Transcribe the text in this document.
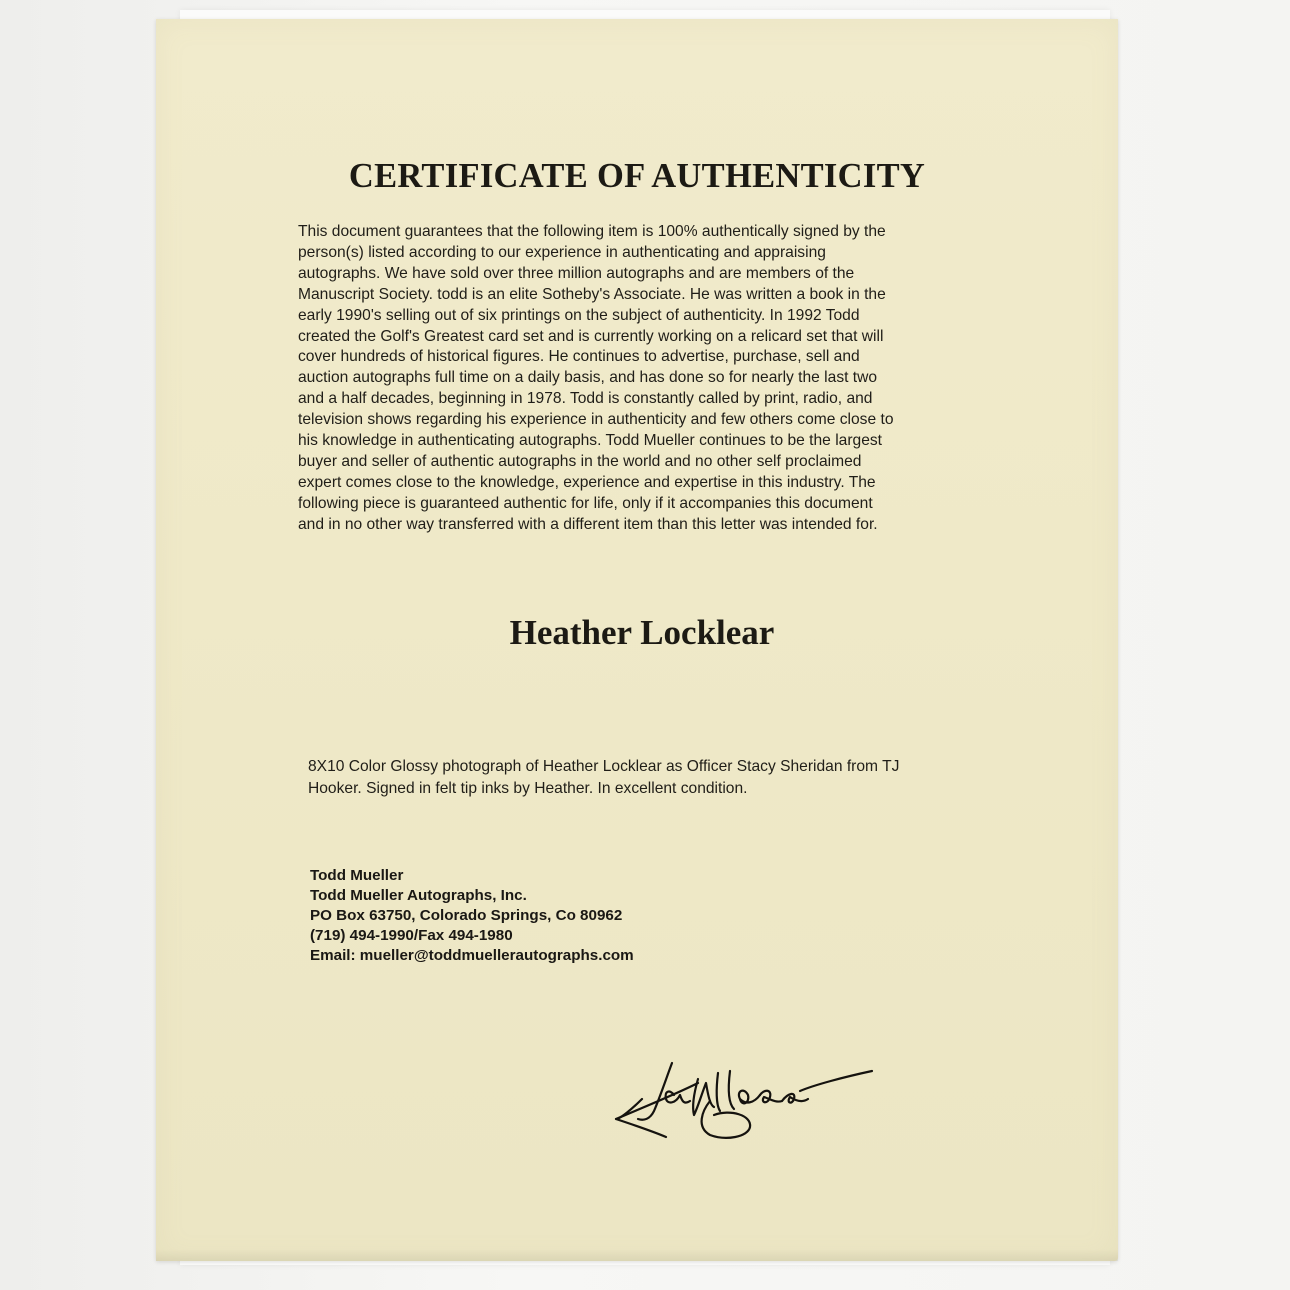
CERTIFICATE OF AUTHENTICITY

This document guarantees that the following item is 100% authentically signed by the
person(s) listed according to our experience in authenticating and appraising
autographs. We have sold over three million autographs and are members of the
Manuscript Society. todd is an elite Sotheby's Associate. He was written a book in the
early 1990's selling out of six printings on the subject of authenticity. In 1992 Todd
created the Golf's Greatest card set and is currently working on a relicard set that will
cover hundreds of historical figures. He continues to advertise, purchase, sell and
auction autographs full time on a daily basis, and has done so for nearly the last two
and a half decades, beginning in 1978. Todd is constantly called by print, radio, and
television shows regarding his experience in authenticity and few others come close to
his knowledge in authenticating autographs. Todd Mueller continues to be the largest
buyer and seller of authentic autographs in the world and no other self proclaimed
expert comes close to the knowledge, experience and expertise in this industry. The
following piece is guaranteed authentic for life, only if it accompanies this document
and in no other way transferred with a different item than this letter was intended for.

Heather Locklear

8X10 Color Glossy photograph of Heather Locklear as Officer Stacy Sheridan from TJ
Hooker. Signed in felt tip inks by Heather. In excellent condition.

Todd Mueller
Todd Mueller Autographs, Inc.
PO Box 63750, Colorado Springs, Co 80962
(719) 494-1990/Fax 494-1980
Email: mueller@toddmuellerautographs.com
